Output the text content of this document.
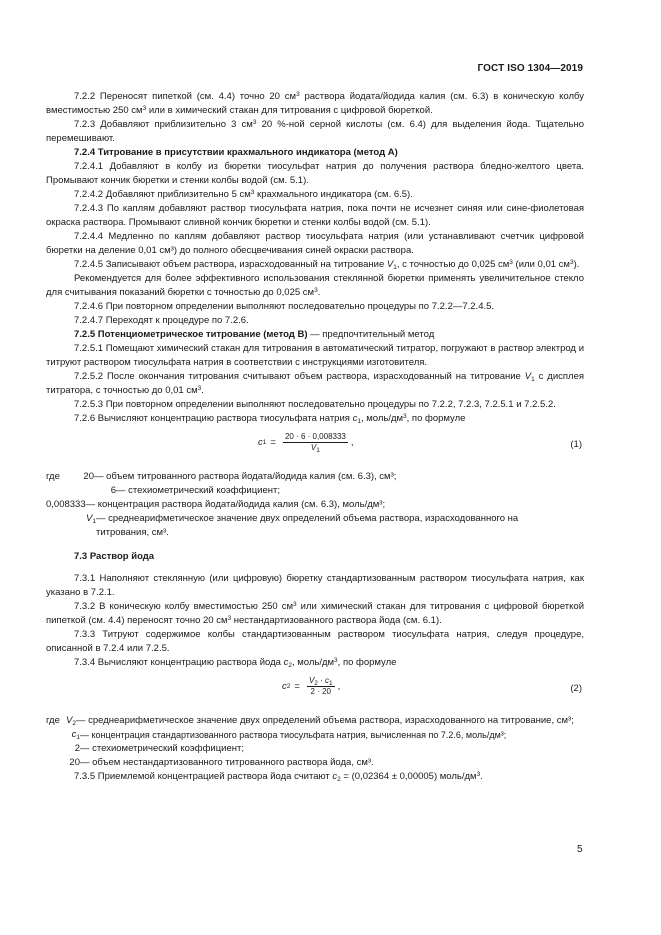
ГОСТ ISO 1304—2019

7.2.2 Переносят пипеткой (см. 4.4) точно 20 $см^3$ раствора йодата/йодида калия (см. 6.3) в коническую колбу вместимостью 250 $см^3$ или в химический стакан для титрования с цифровой бюреткой.

7.2.3 Добавляют приблизительно 3 $см^3$ 20 %-ной серной кислоты (см. 6.4) для выделения йода. Тщательно перемешивают.

7.2.4 Титрование в присутствии крахмального индикатора (метод А)

7.2.4.1 Добавляют в колбу из бюретки тиосульфат натрия до получения раствора бледно-желтого цвета. Промывают кончик бюретки и стенки колбы водой (см. 5.1).

7.2.4.2 Добавляют приблизительно 5 $см^3$ крахмального индикатора (см. 6.5).

7.2.4.3 По каплям добавляют раствор тиосульфата натрия, пока почти не исчезнет синяя или сине-фиолетовая окраска раствора. Промывают сливной кончик бюретки и стенки колбы водой (см. 5.1).

7.2.4.4 Медленно по каплям добавляют раствор тиосульфата натрия (или устанавливают счетчик цифровой бюретки на деление 0,01 см³) до полного обесцвечивания синей окраски раствора.

7.2.4.5 Записывают объем раствора, израсходованный на титрование $V_1$, с точностью до 0,025 $см^3$ (или 0,01 $см^3$).

Рекомендуется для более эффективного использования стеклянной бюретки применять увеличительное стекло для считывания показаний бюретки с точностью до 0,025 $см^3$.

7.2.4.6 При повторном определении выполняют последовательно процедуры по 7.2.2—7.2.4.5.

7.2.4.7 Переходят к процедуре по 7.2.6.

7.2.5 Потенциометрическое титрование (метод В) — предпочтительный метод

7.2.5.1 Помещают химический стакан для титрования в автоматический титратор, погружают в раствор электрод и титруют раствором тиосульфата натрия в соответствии с инструкциями изготовителя.

7.2.5.2 После окончания титрования считывают объем раствора, израсходованный на титрование $V_1$ с дисплея титратора, с точностью до 0,01 $см^3$.

7.2.5.3 При повторном определении выполняют последовательно процедуры по 7.2.2, 7.2.3, 7.2.5.1 и 7.2.5.2.

7.2.6 Вычисляют концентрацию раствора тиосульфата натрия $c_1$, моль/$дм^3$, по формуле

c $1 = \frac{20 \cdot 6 \cdot 0,008333}{V_1}$ ,	(1)
где	20 — объем титрованного раствора йодата/йодида калия (см. 6.3), см³;
6 — стехиометрический коэффициент;
0,008333 — концентрация раствора йодата/йодида калия (см. 6.3), моль/дм³;
$V_1$ — среднеарифметическое значение двух определений объема раствора, израсходованного на титрования, см³.

7.3 Раствор йода

7.3.1 Наполняют стеклянную (или цифровую) бюретку стандартизованным раствором тиосульфата натрия, как указано в 7.2.1.

7.3.2 В коническую колбу вместимостью 250 $см^3$ или химический стакан для титрования с цифровой бюреткой пипеткой (см. 4.4) переносят точно 20 $см^3$ нестандартизованного раствора йода (см. 6.1).

7.3.3 Титруют содержимое колбы стандартизованным раствором тиосульфата натрия, следуя процедуре, описанной в 7.2.4 или 7.2.5.

7.3.4 Вычисляют концентрацию раствора йода $c_2$, моль/$дм^3$, по формуле

c $2 = \frac{V_2 \cdot c_1}{2 \cdot 20}$ ,	(2)
где $V_2$ — среднеарифметическое значение двух определений объема раствора, израсходованного на титрование, см³;
$c_1$ — концентрация стандартизованного раствора тиосульфата натрия, вычисленная по 7.2.6, моль/дм³;
2 — стехиометрический коэффициент;
20 — объем нестандартизованного титрованного раствора йода, см³.

7.3.5 Приемлемой концентрацией раствора йода считают $c_2 = (0,02364 \pm 0,00005)$ моль/$дм^3$.

5
